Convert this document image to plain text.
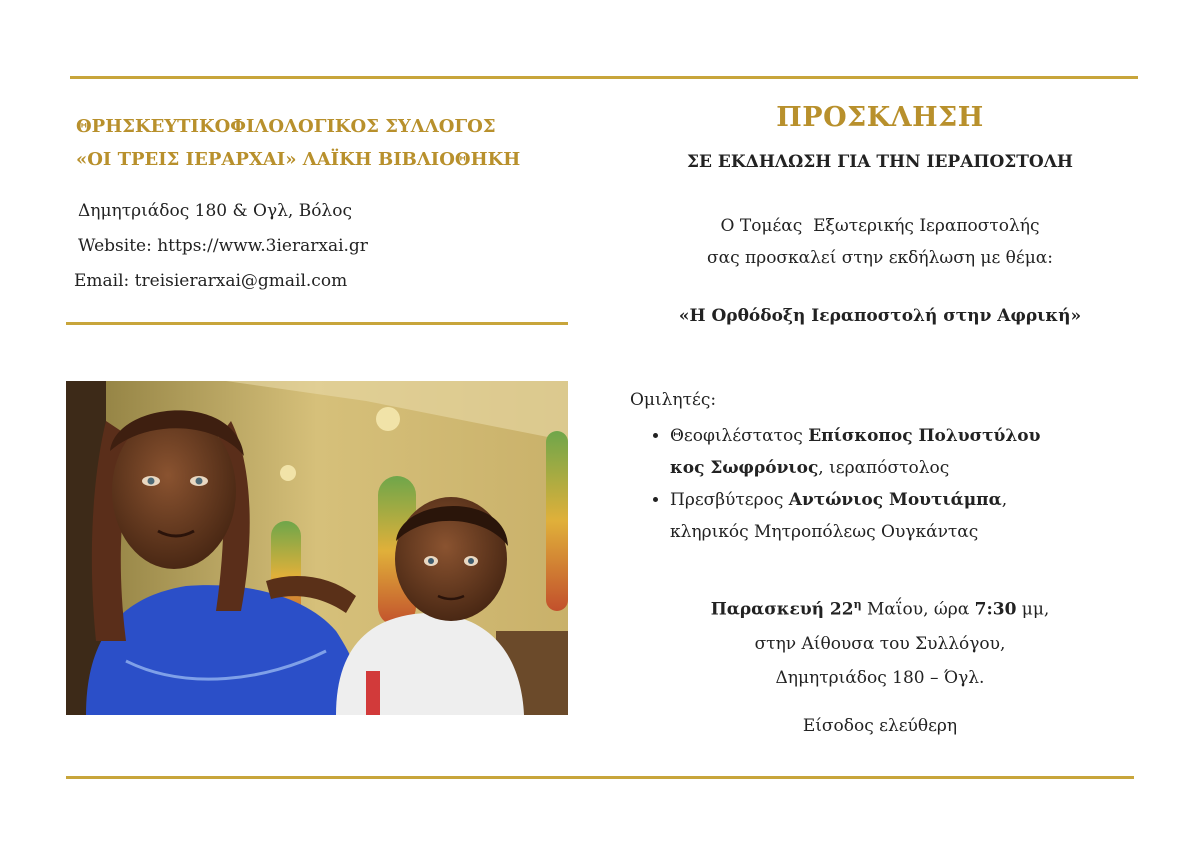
ΘΡΗΣΚΕΥΤΙΚΟΦΙΛΟΛΟΓΙΚΟΣ ΣΥΛΛΟΓΟΣ
«ΟΙ ΤΡΕΙΣ ΙΕΡΑΡΧΑΙ» ΛΑΪΚΗ ΒΙΒΛΙΟΘΗΚΗ
Δημητριάδος 180 & Ογλ, Βόλος
Website: https://www.3ierarxai.gr
Email: treisierarxai@gmail.com
ΠΡΟΣΚΛΗΣΗ
ΣΕ ΕΚΔΗΛΩΣΗ ΓΙΑ ΤΗΝ ΙΕΡΑΠΟΣΤΟΛΗ
Ο Τομέας  Εξωτερικής Ιεραποστολής
σας προσκαλεί στην εκδήλωση με θέμα:
«Η Ορθόδοξη Ιεραποστολή στην Αφρική»
Ομιλητές:
• Θεοφιλέστατος Επίσκοπος Πολυστύλου
κος Σωφρόνιος, ιεραπόστολος
• Πρεσβύτερος Αντώνιος Μουτιάμπα,
κληρικός Μητροπόλεως Ουγκάντας
Παρασκευή $22^\eta$ Μαΐου, ώρα 7:30 μμ,
στην Αίθουσα του Συλλόγου,
Δημητριάδος 180 – Όγλ.
Είσοδος ελεύθερη
